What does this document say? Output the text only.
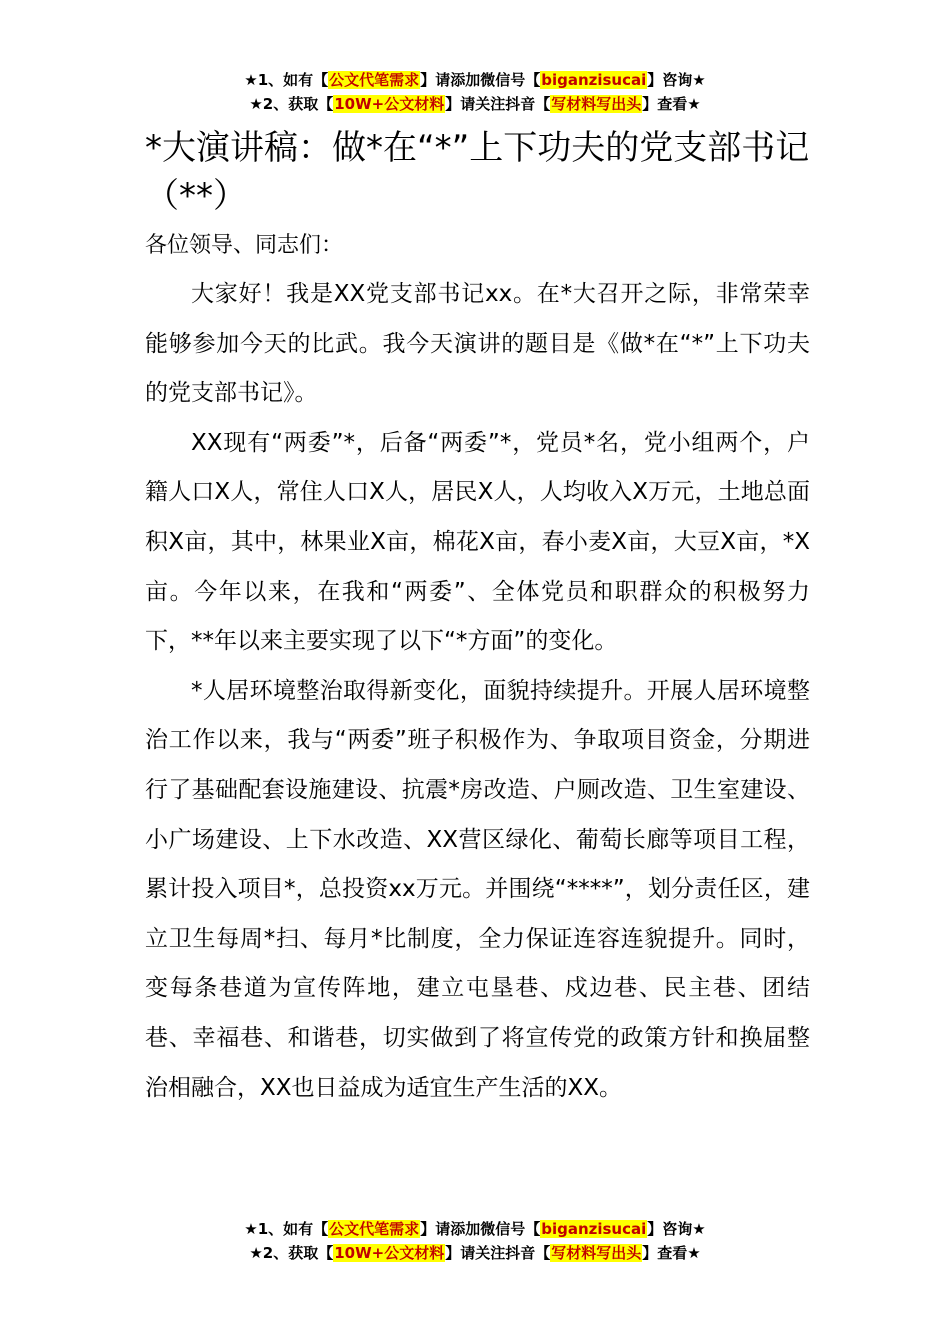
★1、如有【公文代笔需求】请添加微信号【biganzisucai】咨询★
★2、获取【10W+公文材料】请关注抖音【写材料写出头】查看★
*大演讲稿：做*在“*”上下功夫的党支部书记（**）
各位领导、同志们：

大家好！我是XX党支部书记xx。在*大召开之际，非常荣幸能够参加今天的比武。我今天演讲的题目是《做*在“*”上下功夫的党支部书记》。

XX现有“两委”*，后备“两委”*，党员*名，党小组两个，户籍人口X人，常住人口X人，居民X人，人均收入X万元，土地总面积X亩，其中，林果业X亩，棉花X亩，春小麦X亩，大豆X亩，*X亩。今年以来，在我和“两委”、全体党员和职群众的积极努力下，**年以来主要实现了以下“*方面”的变化。

*人居环境整治取得新变化，面貌持续提升。开展人居环境整治工作以来，我与“两委”班子积极作为、争取项目资金，分期进行了基础配套设施建设、抗震*房改造、户厕改造、卫生室建设、小广场建设、上下水改造、XX营区绿化、葡萄长廊等项目工程，累计投入项目*，总投资xx万元。并围绕“****”，划分责任区，建立卫生每周*扫、每月*比制度，全力保证连容连貌提升。同时，变每条巷道为宣传阵地，建立屯垦巷、戍边巷、民主巷、团结巷、幸福巷、和谐巷，切实做到了将宣传党的政策方针和换届整治相融合，XX也日益成为适宜生产生活的XX。

★1、如有【公文代笔需求】请添加微信号【biganzisucai】咨询★
★2、获取【10W+公文材料】请关注抖音【写材料写出头】查看★
